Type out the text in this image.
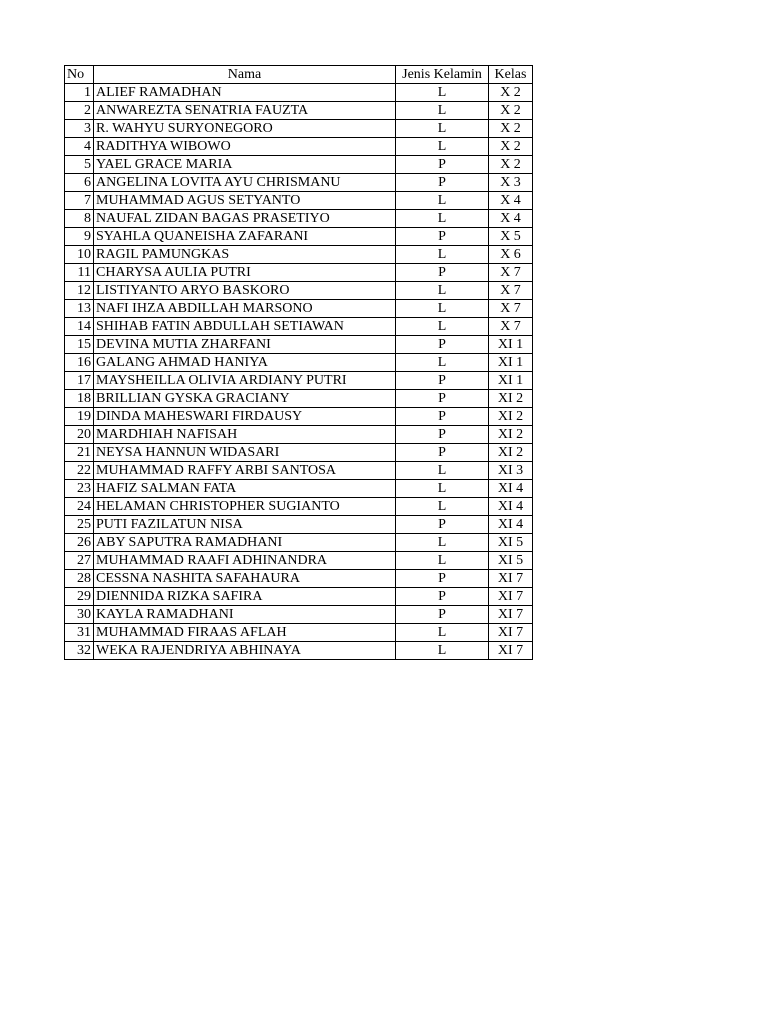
No	Nama	Jenis Kelamin	Kelas
1	ALIEF RAMADHAN	L	X 2
2	ANWAREZTA SENATRIA FAUZTA	L	X 2
3	R. WAHYU SURYONEGORO	L	X 2
4	RADITHYA WIBOWO	L	X 2
5	YAEL GRACE MARIA	P	X 2
6	ANGELINA LOVITA AYU CHRISMANU	P	X 3
7	MUHAMMAD AGUS SETYANTO	L	X 4
8	NAUFAL ZIDAN BAGAS PRASETIYO	L	X 4
9	SYAHLA QUANEISHA ZAFARANI	P	X 5
10	RAGIL PAMUNGKAS	L	X 6
11	CHARYSA AULIA PUTRI	P	X 7
12	LISTIYANTO ARYO BASKORO	L	X 7
13	NAFI IHZA ABDILLAH MARSONO	L	X 7
14	SHIHAB FATIN ABDULLAH SETIAWAN	L	X 7
15	DEVINA MUTIA ZHARFANI	P	XI 1
16	GALANG AHMAD HANIYA	L	XI 1
17	MAYSHEILLA OLIVIA ARDIANY PUTRI	P	XI 1
18	BRILLIAN GYSKA GRACIANY	P	XI 2
19	DINDA MAHESWARI FIRDAUSY	P	XI 2
20	MARDHIAH NAFISAH	P	XI 2
21	NEYSA HANNUN WIDASARI	P	XI 2
22	MUHAMMAD RAFFY ARBI SANTOSA	L	XI 3
23	HAFIZ SALMAN FATA	L	XI 4
24	HELAMAN CHRISTOPHER SUGIANTO	L	XI 4
25	PUTI FAZILATUN NISA	P	XI 4
26	ABY SAPUTRA RAMADHANI	L	XI 5
27	MUHAMMAD RAAFI ADHINANDRA	L	XI 5
28	CESSNA NASHITA SAFAHAURA	P	XI 7
29	DIENNIDA RIZKA SAFIRA	P	XI 7
30	KAYLA RAMADHANI	P	XI 7
31	MUHAMMAD FIRAAS AFLAH	L	XI 7
32	WEKA RAJENDRIYA ABHINAYA	L	XI 7
